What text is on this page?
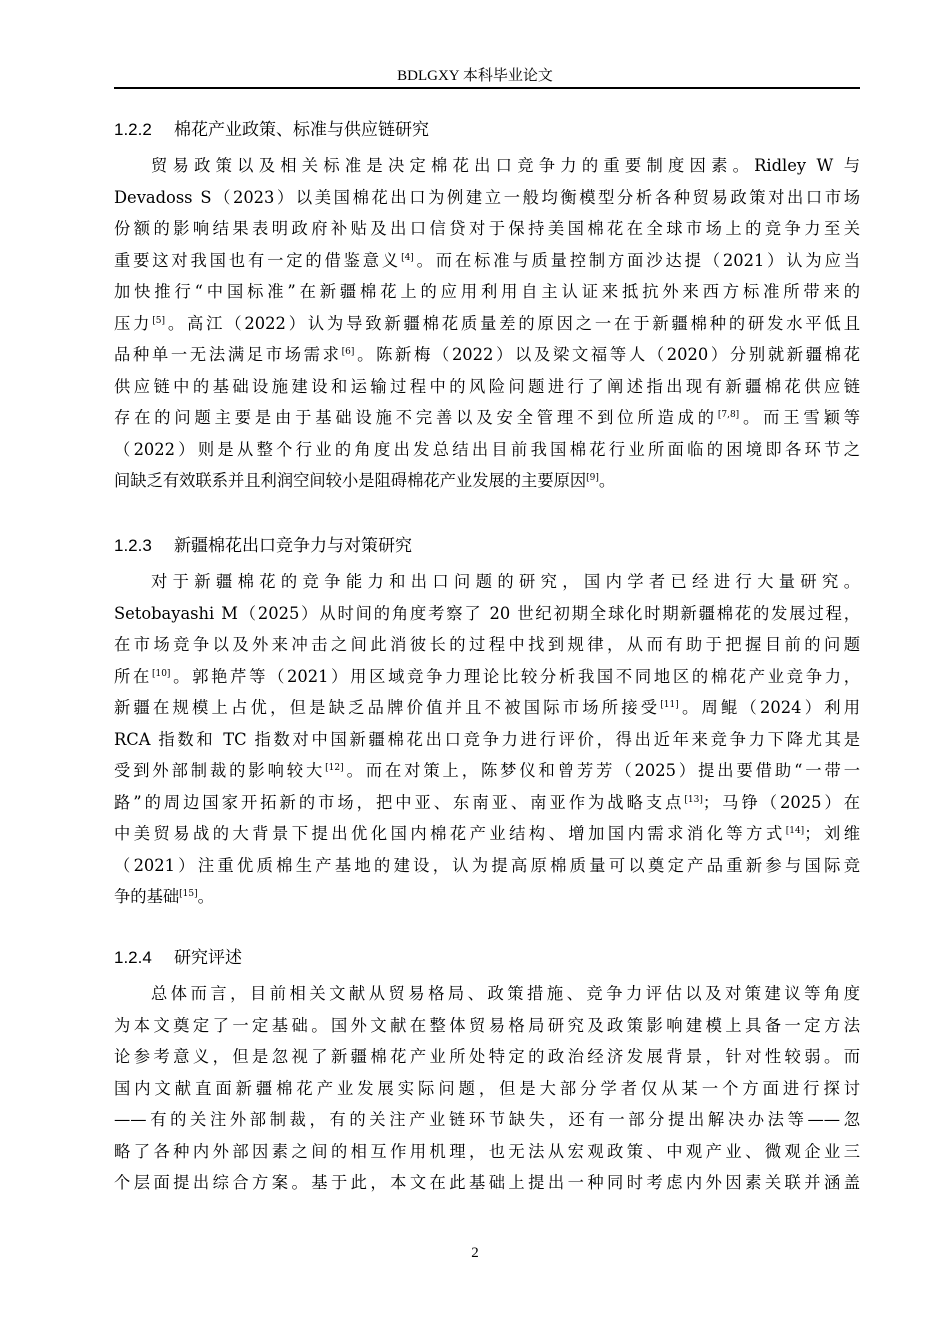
BDLGXY 本科毕业论文
1.2.2 棉花产业政策、标准与供应链研究
贸易政策以及相关标准是决定棉花出口竞争力的重要制度因素。Ridley W 与
Devadoss S（2023）以美国棉花出口为例建立一般均衡模型分析各种贸易政策对出口市场
份额的影响结果表明政府补贴及出口信贷对于保持美国棉花在全球市场上的竞争力至关
重要这对我国也有一定的借鉴意义[4]。而在标准与质量控制方面沙达提（2021）认为应当
加快推行“中国标准”在新疆棉花上的应用利用自主认证来抵抗外来西方标准所带来的
压力[5]。高江（2022）认为导致新疆棉花质量差的原因之一在于新疆棉种的研发水平低且
品种单一无法满足市场需求[6]。陈新梅（2022）以及梁文福等人（2020）分别就新疆棉花
供应链中的基础设施建设和运输过程中的风险问题进行了阐述指出现有新疆棉花供应链
存在的问题主要是由于基础设施不完善以及安全管理不到位所造成的[7,8]。而王雪颖等
（2022）则是从整个行业的角度出发总结出目前我国棉花行业所面临的困境即各环节之
间缺乏有效联系并且利润空间较小是阻碍棉花产业发展的主要原因[9]。
1.2.3 新疆棉花出口竞争力与对策研究
对于新疆棉花的竞争能力和出口问题的研究，国内学者已经进行大量研究。
Setobayashi M（2025）从时间的角度考察了 20 世纪初期全球化时期新疆棉花的发展过程，
在市场竞争以及外来冲击之间此消彼长的过程中找到规律，从而有助于把握目前的问题
所在[10]。郭艳芹等（2021）用区域竞争力理论比较分析我国不同地区的棉花产业竞争力，
新疆在规模上占优，但是缺乏品牌价值并且不被国际市场所接受[11]。周鲲（2024）利用
RCA 指数和 TC 指数对中国新疆棉花出口竞争力进行评价，得出近年来竞争力下降尤其是
受到外部制裁的影响较大[12]。而在对策上，陈梦仪和曾芳芳（2025）提出要借助“一带一
路”的周边国家开拓新的市场，把中亚、东南亚、南亚作为战略支点[13]；马铮（2025）在
中美贸易战的大背景下提出优化国内棉花产业结构、增加国内需求消化等方式[14]；刘维
（2021）注重优质棉生产基地的建设，认为提高原棉质量可以奠定产品重新参与国际竞
争的基础[15]。
1.2.4 研究评述
总体而言，目前相关文献从贸易格局、政策措施、竞争力评估以及对策建议等角度
为本文奠定了一定基础。国外文献在整体贸易格局研究及政策影响建模上具备一定方法
论参考意义，但是忽视了新疆棉花产业所处特定的政治经济发展背景，针对性较弱。而
国内文献直面新疆棉花产业发展实际问题，但是大部分学者仅从某一个方面进行探讨
——有的关注外部制裁，有的关注产业链环节缺失，还有一部分提出解决办法等——忽
略了各种内外部因素之间的相互作用机理，也无法从宏观政策、中观产业、微观企业三
个层面提出综合方案。基于此，本文在此基础上提出一种同时考虑内外因素关联并涵盖
2
